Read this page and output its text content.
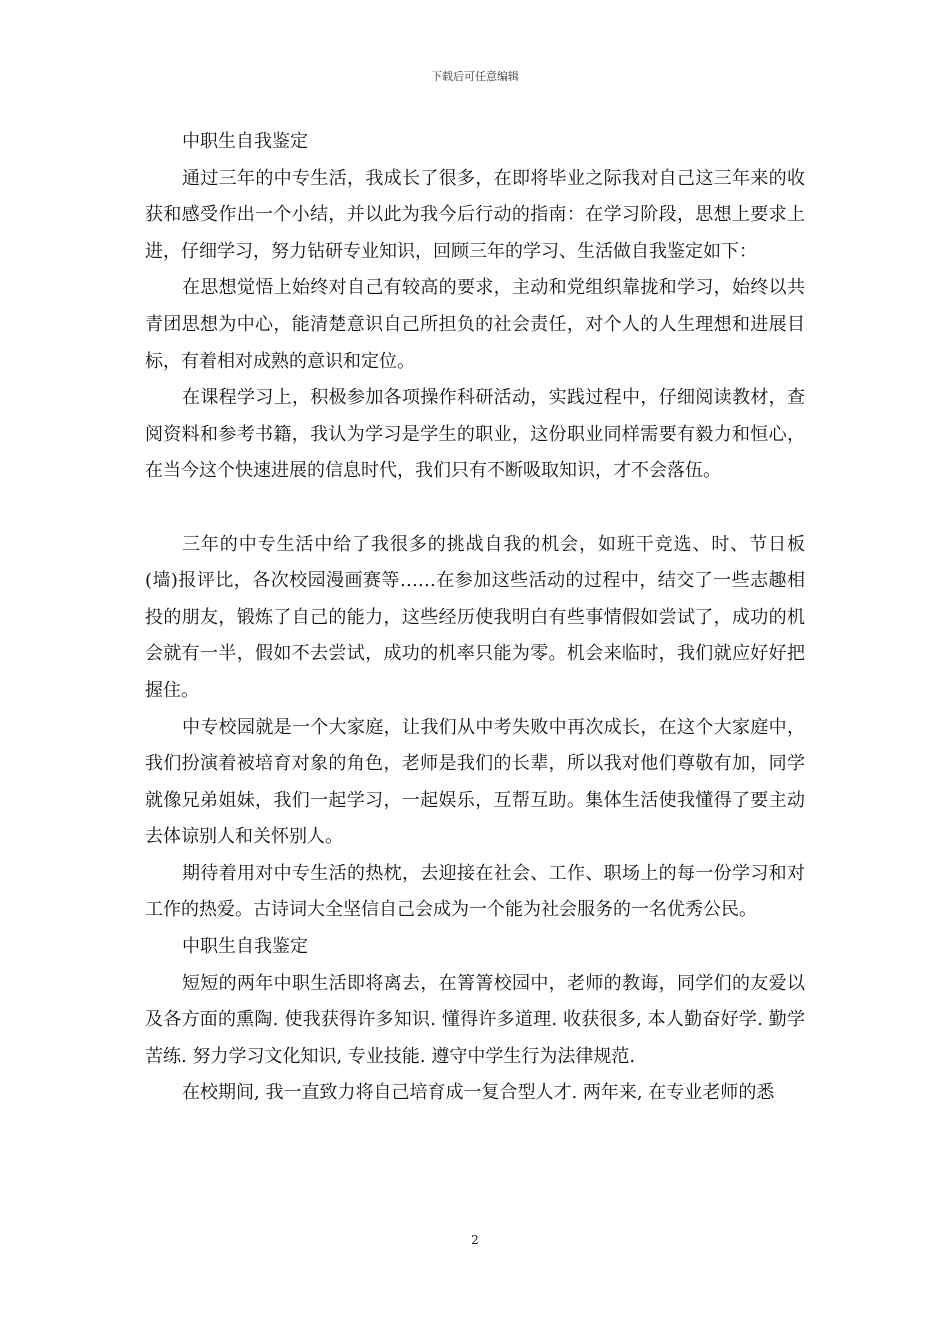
下载后可任意编辑

中职生自我鉴定

通过三年的中专生活，我成长了很多，在即将毕业之际我对自己这三年来的收获和感受作出一个小结，并以此为我今后行动的指南：在学习阶段，思想上要求上进，仔细学习，努力钻研专业知识，回顾三年的学习、生活做自我鉴定如下：

在思想觉悟上始终对自己有较高的要求，主动和党组织靠拢和学习，始终以共青团思想为中心，能清楚意识自己所担负的社会责任，对个人的人生理想和进展目标，有着相对成熟的意识和定位。

在课程学习上，积极参加各项操作科研活动，实践过程中，仔细阅读教材，查阅资料和参考书籍，我认为学习是学生的职业，这份职业同样需要有毅力和恒心，在当今这个快速进展的信息时代，我们只有不断吸取知识，才不会落伍。

三年的中专生活中给了我很多的挑战自我的机会，如班干竞选、时、节日板(墙)报评比，各次校园漫画赛等……在参加这些活动的过程中，结交了一些志趣相投的朋友，锻炼了自己的能力，这些经历使我明白有些事情假如尝试了，成功的机会就有一半，假如不去尝试，成功的机率只能为零。机会来临时，我们就应好好把握住。

中专校园就是一个大家庭，让我们从中考失败中再次成长，在这个大家庭中，我们扮演着被培育对象的角色，老师是我们的长辈，所以我对他们尊敬有加，同学就像兄弟姐妹，我们一起学习，一起娱乐，互帮互助。集体生活使我懂得了要主动去体谅别人和关怀别人。

期待着用对中专生活的热枕，去迎接在社会、工作、职场上的每一份学习和对工作的热爱。古诗词大全坚信自己会成为一个能为社会服务的一名优秀公民。

中职生自我鉴定

短短的两年中职生活即将离去，在箐箐校园中，老师的教诲，同学们的友爱以及各方面的熏陶. 使我获得许多知识. 懂得许多道理. 收获很多, 本人勤奋好学. 勤学苦练. 努力学习文化知识, 专业技能. 遵守中学生行为法律规范.

在校期间, 我一直致力将自己培育成一复合型人才. 两年来, 在专业老师的悉

2
